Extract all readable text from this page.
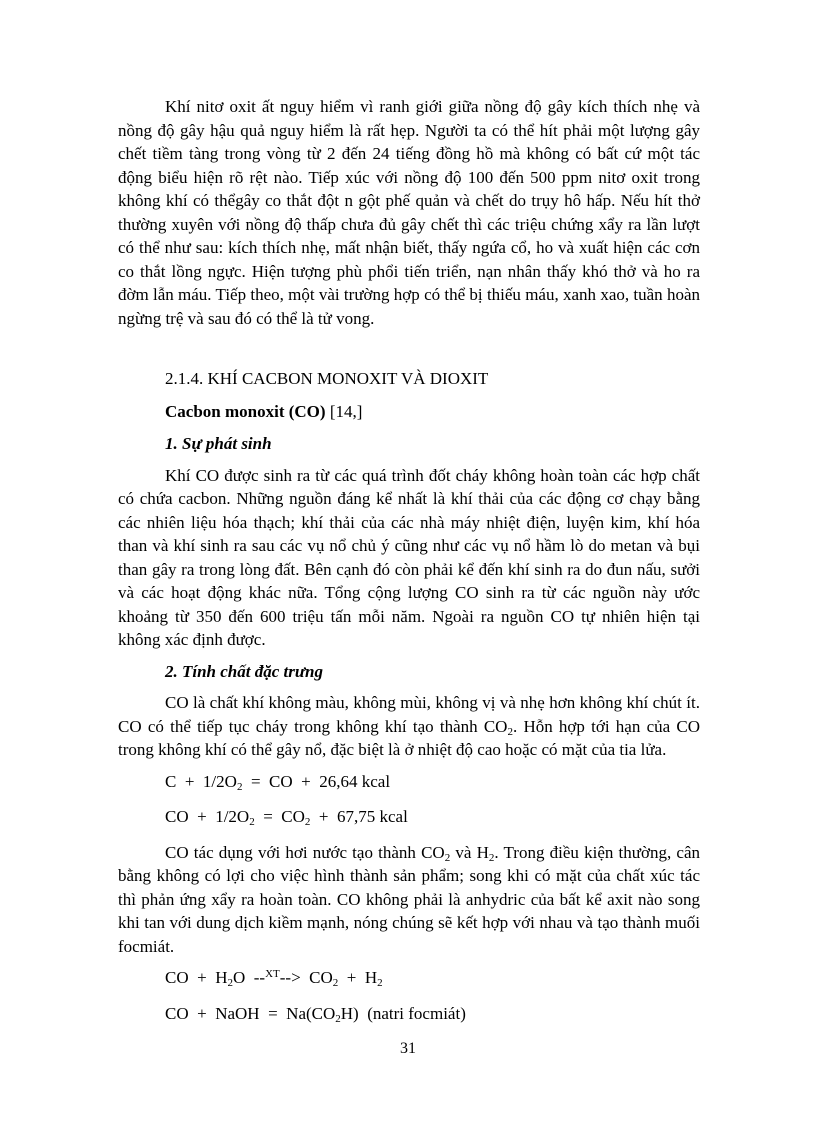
Khí nitơ oxit ất nguy hiểm vì ranh giới giữa nồng độ gây kích thích nhẹ và nồng độ gây hậu quả nguy hiểm là rất hẹp. Người ta có thể hít phải một lượng gây chết tiềm tàng trong vòng từ 2 đến 24 tiếng đồng hồ mà không có bất cứ một tác động biểu hiện rõ rệt nào. Tiếp xúc với nồng độ 100 đến 500 ppm nitơ oxit trong không khí có thểgây co thắt đột n gột phế quản và chết do trụy hô hấp. Nếu hít thở thường xuyên với nồng độ thấp chưa đủ gây chết thì các triệu chứng xẩy ra lần lượt có thể như sau: kích thích nhẹ, mất nhận biết, thấy ngứa cổ, ho và xuất hiện các cơn co thắt lồng ngực. Hiện tượng phù phổi tiến triển, nạn nhân thấy khó thở và ho ra đờm lẫn máu. Tiếp theo, một vài trường hợp có thể bị thiếu máu, xanh xao, tuần hoàn ngừng trệ và sau đó có thể là tử vong.

2.1.4. KHÍ CACBON MONOXIT VÀ DIOXIT

Cacbon monoxit (CO) [14,]

1. Sự phát sinh

Khí CO được sinh ra từ các quá trình đốt cháy không hoàn toàn các hợp chất có chứa cacbon. Những nguồn đáng kể nhất là khí thải của các động cơ chạy bằng các nhiên liệu hóa thạch; khí thải của các nhà máy nhiệt điện, luyện kim, khí hóa than và khí sinh ra sau các vụ nổ chủ ý cũng như các vụ nổ hầm lò do metan và bụi than gây ra trong lòng đất. Bên cạnh đó còn phải kể đến khí sinh ra do đun nấu, sưởi và các hoạt động khác nữa. Tổng cộng lượng CO sinh ra từ các nguồn này ước khoảng từ 350 đến 600 triệu tấn mỗi năm. Ngoài ra nguồn CO tự nhiên hiện tại không xác định được.

2. Tính chất đặc trưng

CO là chất khí không màu, không mùi, không vị và nhẹ hơn không khí chút ít. CO có thể tiếp tục cháy trong không khí tạo thành $CO_2$. Hỗn hợp tới hạn của CO trong không khí có thể gây nổ, đặc biệt là ở nhiệt độ cao hoặc có mặt của tia lửa.

$C + 1/2O_2$  =  CO  +  26,64 kcal

CO  +  $1/2O_2 = CO_2 + 67,75$ kcal

CO tác dụng với hơi nước tạo thành $CO_2$ và $H_2$. Trong điều kiện thường, cân bằng không có lợi cho việc hình thành sản phẩm; song khi có mặt của chất xúc tác thì phản ứng xẩy ra hoàn toàn. CO không phải là anhydric của bất kể axit nào song khi tan với dung dịch kiềm mạnh, nóng chúng sẽ kết hợp với nhau và tạo thành muối focmiát.

CO  +  $H_2O$  $--^{XT}--> CO_2 + H_2$

CO  +  NaOH  =  $Na(CO_2H)$  (natri focmiát)

31
